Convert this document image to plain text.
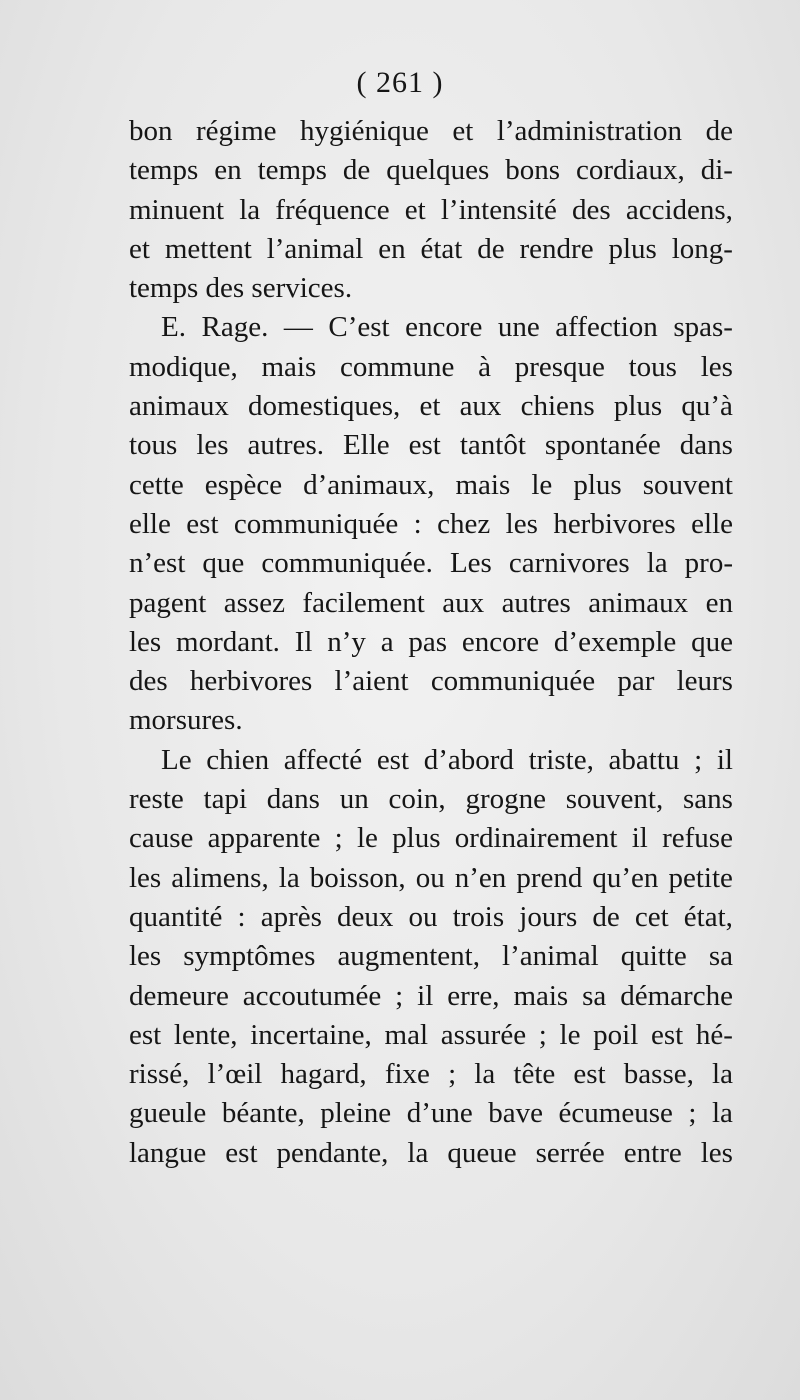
( 261 )
bon régime hygiénique et l’administration de
temps en temps de quelques bons cordiaux, di-
minuent la fréquence et l’intensité des accidens,
et mettent l’animal en état de rendre plus long-
temps des services.
E. Rage. — C’est encore une affection spas-
modique, mais commune à presque tous les
animaux domestiques, et aux chiens plus qu’à
tous les autres. Elle est tantôt spontanée dans
cette espèce d’animaux, mais le plus souvent
elle est communiquée : chez les herbivores elle
n’est que communiquée. Les carnivores la pro-
pagent assez facilement aux autres animaux en
les mordant. Il n’y a pas encore d’exemple que
des herbivores l’aient communiquée par leurs
morsures.
Le chien affecté est d’abord triste, abattu ; il
reste tapi dans un coin, grogne souvent, sans
cause apparente ; le plus ordinairement il refuse
les alimens, la boisson, ou n’en prend qu’en petite
quantité : après deux ou trois jours de cet état,
les symptômes augmentent, l’animal quitte sa
demeure accoutumée ; il erre, mais sa démarche
est lente, incertaine, mal assurée ; le poil est hé-
rissé, l’œil hagard, fixe ; la tête est basse, la
gueule béante, pleine d’une bave écumeuse ; la
langue est pendante, la queue serrée entre les
